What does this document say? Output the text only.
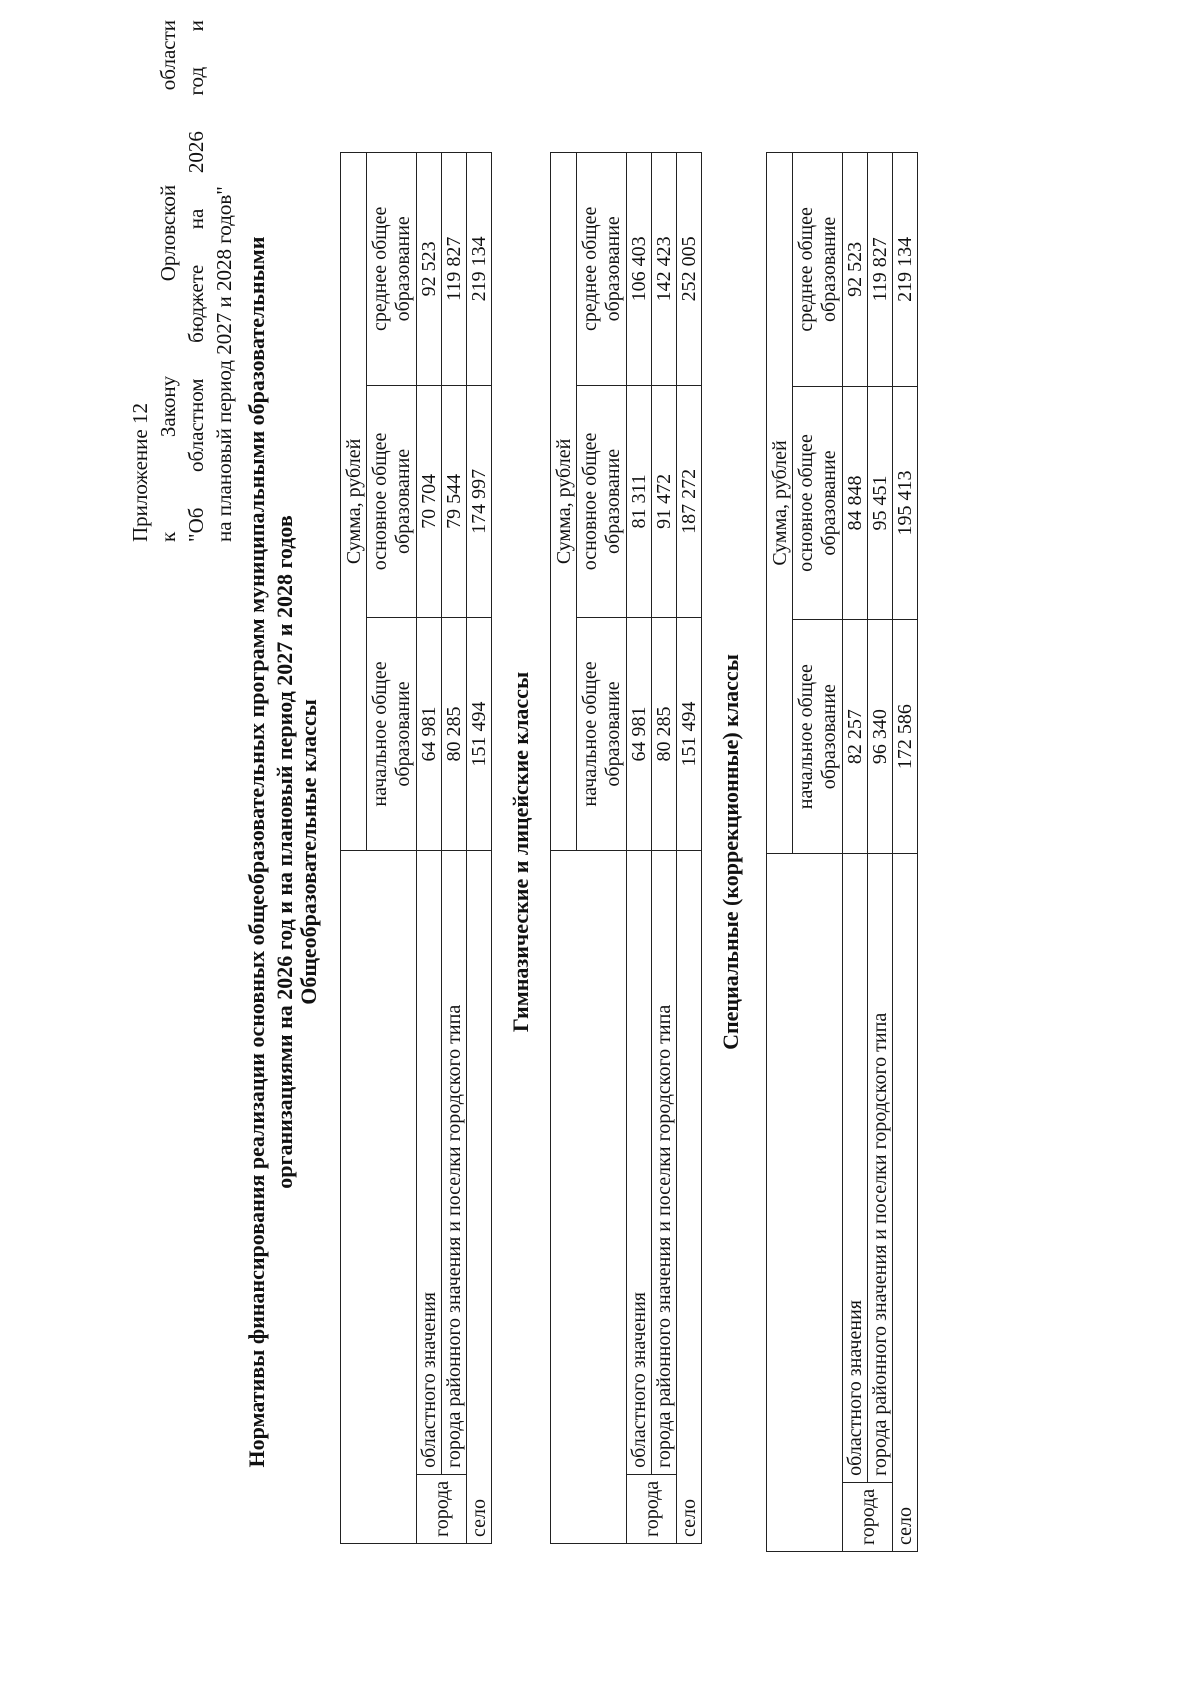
Приложение 12 к
Закону
Орловской
области
"Об
областном
бюджете
на
2026
год
и
на плановый период 2027 и 2028 годов" Нормативы финансирования реализации основных общеобразовательных программ муниципальными образовательными организациями на 2026 год и на плановый период 2027 и 2028 годов Общеобразовательные классы
		Сумма, рублей		
		начальное общее образование	основное общее образование	среднее общее образование
города	областного значения	64 981	70 704	92 523
	города районного значения и поселки городского типа	80 285	79 544	119 827
село		151 494	174 997	219 134
Гимназические и лицейские классы
		Сумма, рублей		
		начальное общее образование	основное общее образование	среднее общее образование
города	областного значения	64 981	81 311	106 403
	города районного значения и поселки городского типа	80 285	91 472	142 423
село		151 494	187 272	252 005
Специальные (коррекционные) классы
		Сумма, рублей		
		начальное общее образование	основное общее образование	среднее общее образование
города	областного значения	82 257	84 848	92 523
	города районного значения и поселки городского типа	96 340	95 451	119 827
село		172 586	195 413	219 134
